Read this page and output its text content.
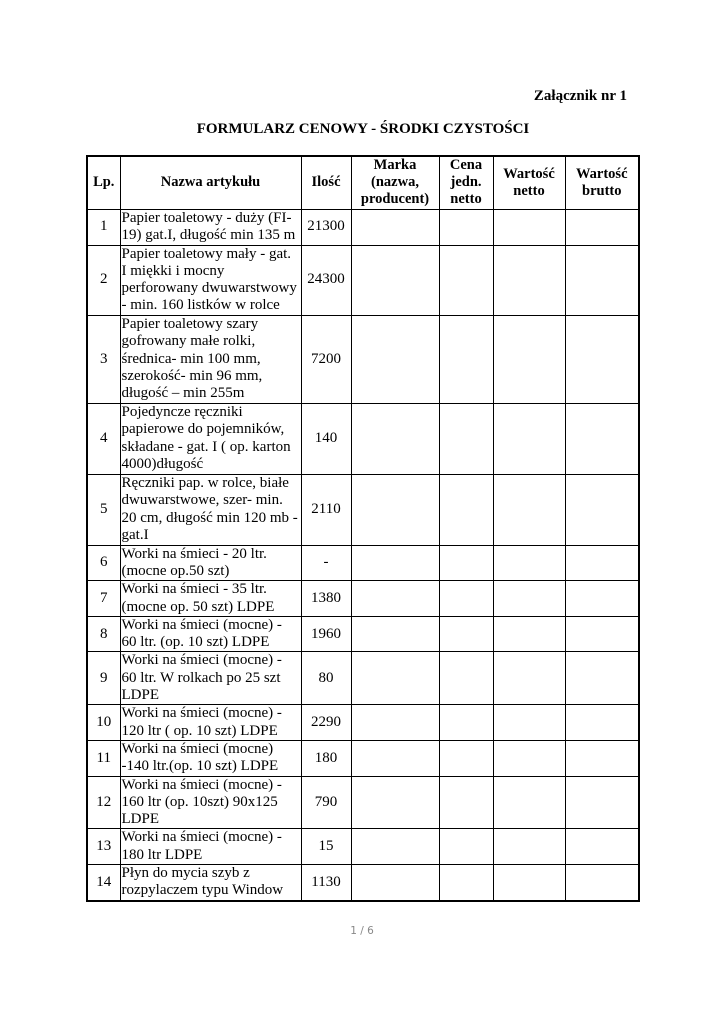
Załącznik nr 1
FORMULARZ CENOWY - ŚRODKI CZYSTOŚCI
Lp.	Nazwa artykułu	Ilość	Marka (nazwa, producent)	Cena jedn. netto	Wartość netto	Wartość brutto
1	Papier toaletowy - duży (FI-19) gat.I, długość min 135 m	21300				
2	Papier toaletowy mały - gat. I miękki i mocny perforowany dwuwarstwowy - min. 160 listków w rolce	24300				
3	Papier toaletowy szary gofrowany małe rolki, średnica- min 100 mm, szerokość- min 96 mm, długość – min 255m	7200				
4	Pojedyncze ręczniki papierowe do pojemników, składane - gat. I ( op. karton 4000)długość	140				
5	Ręczniki pap. w rolce, białe dwuwarstwowe, szer- min. 20 cm, długość min 120 mb - gat.I	2110				
6	Worki na śmieci - 20 ltr. (mocne op.50 szt)	-				
7	Worki na śmieci - 35 ltr. (mocne op. 50 szt) LDPE	1380				
8	Worki na śmieci (mocne) - 60 ltr. (op. 10 szt) LDPE	1960				
9	Worki na śmieci (mocne) - 60 ltr. W rolkach po 25 szt LDPE	80				
10	Worki na śmieci (mocne) - 120 ltr ( op. 10 szt) LDPE	2290				
11	Worki na śmieci (mocne) -140 ltr.(op. 10 szt) LDPE	180				
12	Worki na śmieci (mocne) - 160 ltr (op. 10szt) 90x125 LDPE	790				
13	Worki na śmieci (mocne) - 180 ltr LDPE	15				
14	Płyn do mycia szyb z rozpylaczem typu Window	1130				
1 / 6
